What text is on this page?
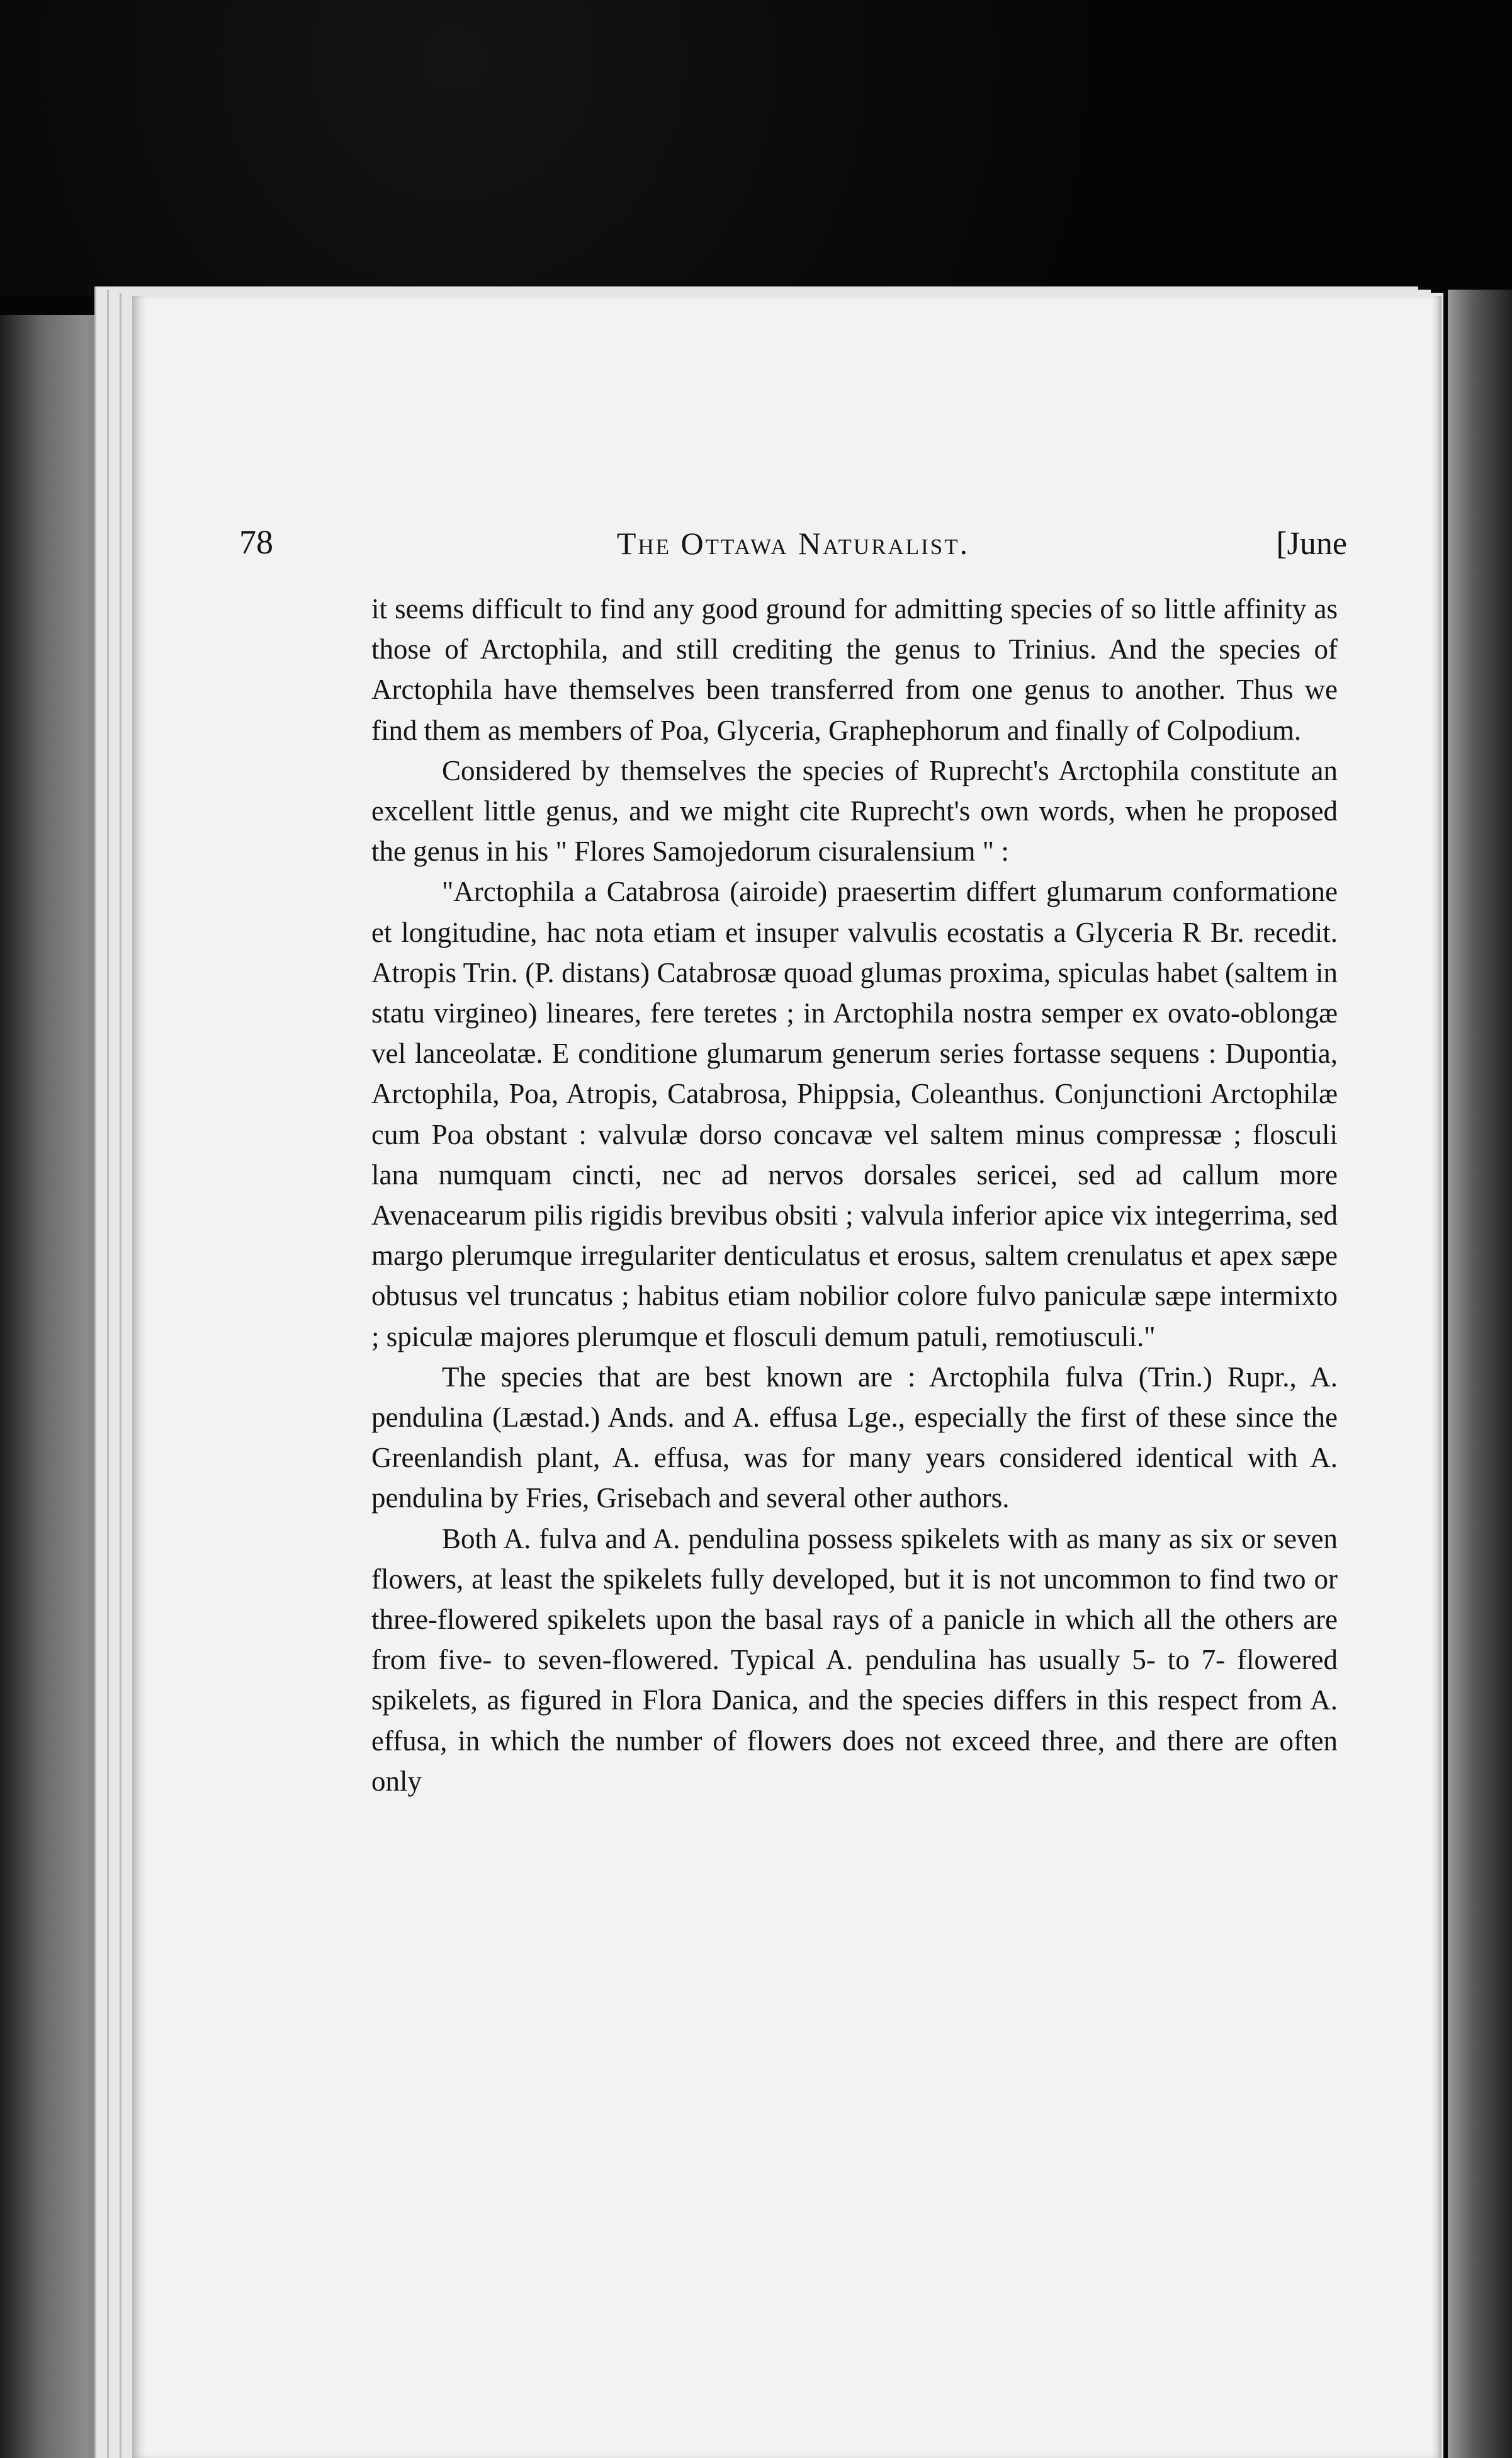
78	The Ottawa Naturalist.	[June

it seems difficult to find any good ground for admitting species of so little affinity as those of Arctophila, and still crediting the genus to Trinius. And the species of Arctophila have themselves been transferred from one genus to another. Thus we find them as members of Poa, Glyceria, Graphephorum and finally of Colpodium.

Considered by themselves the species of Ruprecht's Arctophila constitute an excellent little genus, and we might cite Ruprecht's own words, when he proposed the genus in his " Flores Samojedorum cisuralensium " :

"Arctophila a Catabrosa (airoide) praesertim differt glumarum conformatione et longitudine, hac nota etiam et insuper valvulis ecostatis a Glyceria R Br. recedit. Atropis Trin. (P. distans) Catabrosæ quoad glumas proxima, spiculas habet (saltem in statu virgineo) lineares, fere teretes ; in Arctophila nostra semper ex ovato-oblongæ vel lanceolatæ. E conditione glumarum generum series fortasse sequens : Dupontia, Arctophila, Poa, Atropis, Catabrosa, Phippsia, Coleanthus. Conjunctioni Arctophilæ cum Poa obstant : valvulæ dorso concavæ vel saltem minus compressæ ; flosculi lana numquam cincti, nec ad nervos dorsales sericei, sed ad callum more Avenacearum pilis rigidis brevibus obsiti ; valvula inferior apice vix integerrima, sed margo plerumque irregulariter denticulatus et erosus, saltem crenulatus et apex sæpe obtusus vel truncatus ; habitus etiam nobilior colore fulvo paniculæ sæpe intermixto ; spiculæ majores plerumque et flosculi demum patuli, remotiusculi."

The species that are best known are : Arctophila fulva (Trin.) Rupr., A. pendulina (Læstad.) Ands. and A. effusa Lge., especially the first of these since the Greenlandish plant, A. effusa, was for many years considered identical with A. pendulina by Fries, Grisebach and several other authors.

Both A. fulva and A. pendulina possess spikelets with as many as six or seven flowers, at least the spikelets fully developed, but it is not uncommon to find two or three-flowered spikelets upon the basal rays of a panicle in which all the others are from five- to seven-flowered. Typical A. pendulina has usually 5- to 7- flowered spikelets, as figured in Flora Danica, and the species differs in this respect from A. effusa, in which the number of flowers does not exceed three, and there are often only
